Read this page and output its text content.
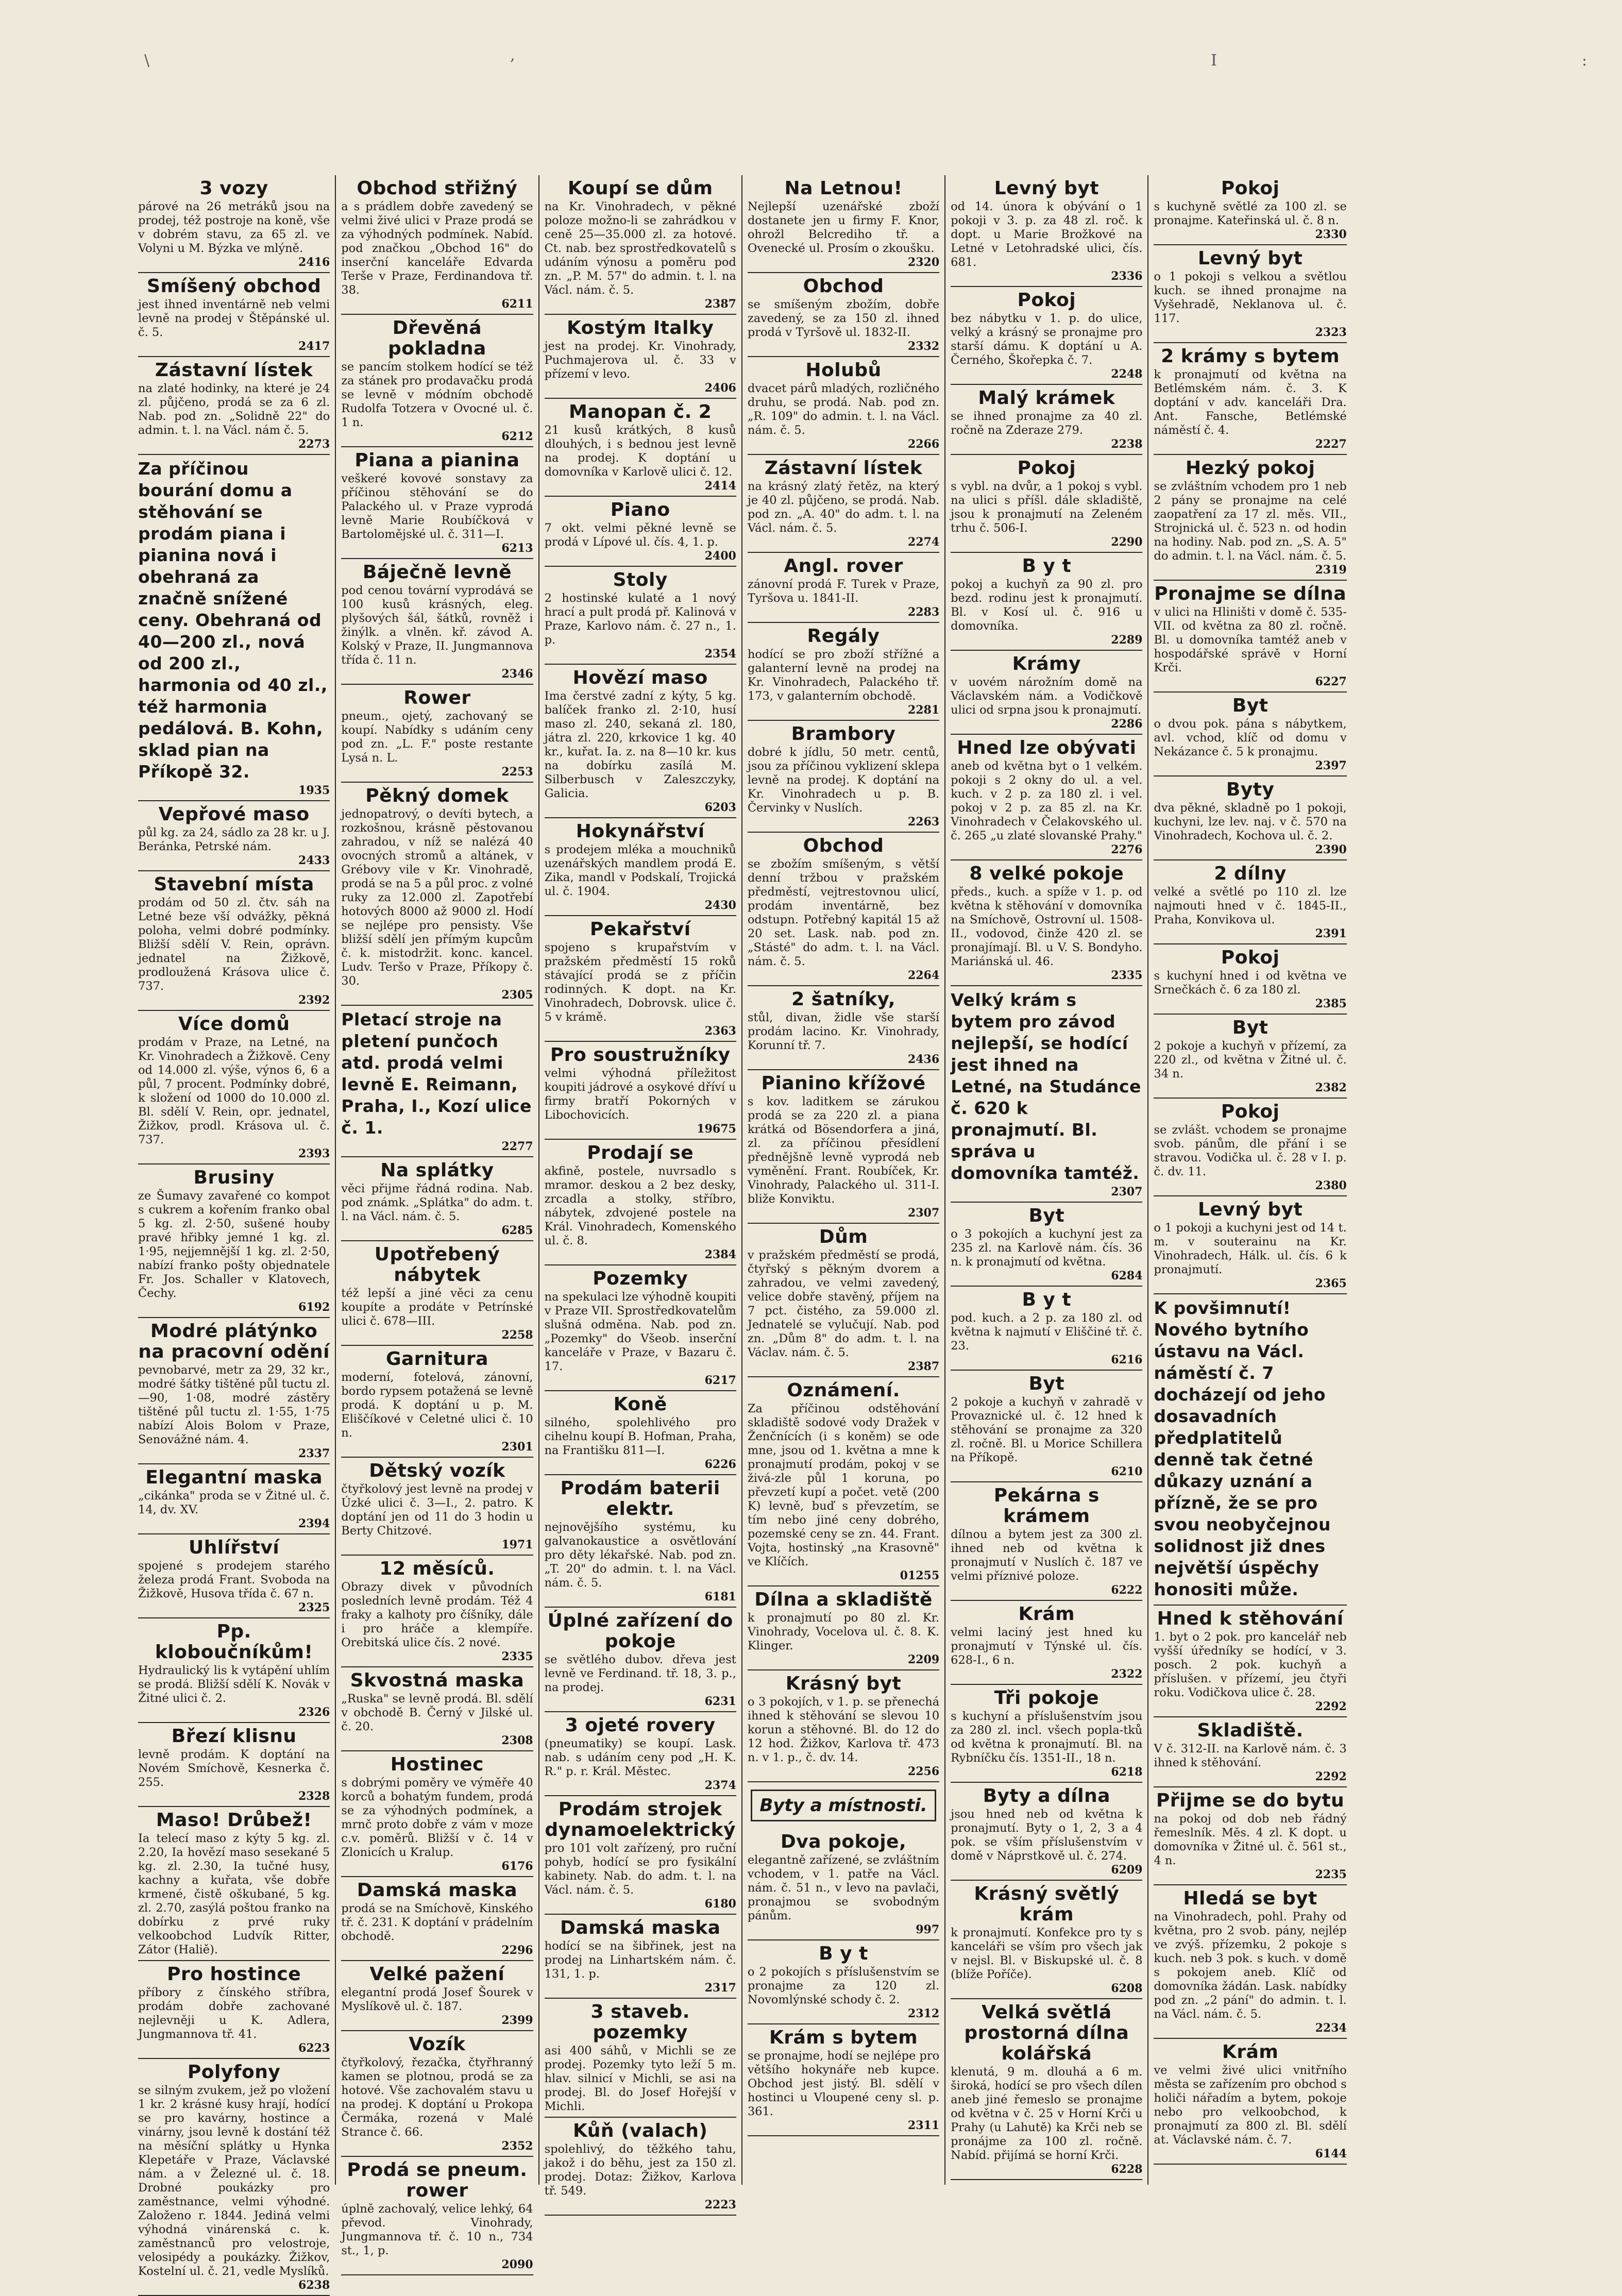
\	,	I	:
3 vozy

párové na 26 metráků jsou na prodej, též postroje na koně, vše v dobrém stavu, za 65 zl. ve Volyni u M. Býzka ve mlýně.

2416
Smíšený obchod

jest ihned inventárně neb velmi levně na prodej v Štěpánské ul. č. 5.

2417
Zástavní lístek

na zlaté hodinky, na které je 24 zl. půjčeno, prodá se za 6 zl. Nab. pod zn. „Solidně 22" do admin. t. l. na Václ. nám č. 5.

2273
Za příčinou bourání domu a stěhování se prodám piana i pianina nová i obehraná za značně snížené ceny. Obehraná od 40—200 zl., nová od 200 zl., harmonia od 40 zl., též harmonia pedálová. B. Kohn, sklad pian na Příkopě 32.
1935
Vepřové maso

půl kg. za 24, sádlo za 28 kr. u J. Beránka, Petrské nám.

2433
Stavební místa

prodám od 50 zl. čtv. sáh na Letné beze vší odvážky, pěkná poloha, velmi dobré podmínky. Bližší sdělí V. Rein, oprávn. jednatel na Žižkově, prodloužená Krásova ulice č. 737.

2392
Více domů

prodám v Praze, na Letné, na Kr. Vinohradech a Žižkově. Ceny od 14.000 zl. výše, výnos 6, 6 a půl, 7 procent. Podmínky dobré, k složení od 1000 do 10.000 zl. Bl. sdělí V. Rein, opr. jednatel, Žižkov, prodl. Krásova ul. č. 737.

2393
Brusiny

ze Šumavy zavařené co kompot s cukrem a kořením franko obal 5 kg. zl. 2·50, sušené houby pravé hřibky jemné 1 kg. zl. 1·95, nejjemnější 1 kg. zl. 2·50, nabízí franko pošty objednatele Fr. Jos. Schaller v Klatovech, Čechy.

6192
Modré plátýnko na pracovní odění

pevnobarvé, metr za 29, 32 kr., modré šátky tištěné půl tuctu zl. —90, 1·08, modré zástěry tištěné půl tuctu zl. 1·55, 1·75 nabízí Alois Bolom v Praze, Senovážné nám. 4.

2337
Elegantní maska

„cikánka" proda se v Žitné ul. č. 14, dv. XV.

2394
Uhlířství

spojené s prodejem starého železa prodá Frant. Svoboda na Žižkově, Husova třída č. 67 n.

2325
Pp. kloboučníkům!

Hydraulický lis k vytápění uhlím se prodá. Bližší sdělí K. Novák v Žitné ulici č. 2.

2326
Březí klisnu

levně prodám. K doptání na Novém Smíchově, Kesnerka č. 255.

2328
Maso! Drůbež!

Ia telecí maso z kýty 5 kg. zl. 2.20, Ia hovězí maso sesekané 5 kg. zl. 2.30, Ia tučné husy, kachny a kuřata, vše dobře krmené, čistě oškubané, 5 kg. zl. 2.70, zasýlá poštou franko na dobírku z prvé ruky velkoobchod Ludvík Ritter, Zátor (Haliě).

Pro hostince

příbory z čínského stříbra, prodám dobře zachované nejlevněji u K. Adlera, Jungmannova tř. 41.

6223
Polyfony

se silným zvukem, jež po vložení 1 kr. 2 krásné kusy hrají, hodící se pro kavárny, hostince a vinárny, jsou levně k dostání též na měsíční splátky u Hynka Klepetáře v Praze, Václavské nám. a v Železné ul. č. 18. Drobné poukázky pro zaměstnance, velmi výhodné. Založeno r. 1844. Jediná velmi výhodná vinárenská c. k. zaměstnanců pro velostroje, velosipédy a poukázky. Žižkov, Kostelní ul. č. 21, vedle Myslíků.

6238
Obchod střižný

a s prádlem dobře zavedený se velmi živé ulici v Praze prodá se za výhodných podmínek. Nabíd. pod značkou „Obchod 16" do inserční kanceláře Edvarda Terše v Praze, Ferdinandova tř. 38.

6211
Dřevěná pokladna

se pancím stolkem hodící se též za stánek pro prodavačku prodá se levně v módním obchodě Rudolfa Totzera v Ovocné ul. č. 1 n.

6212
Piana a pianina

veškeré kovové sonstavy za příčinou stěhování se do Palackého ul. v Praze vyprodá levně Marie Roubíčková v Bartolomějské ul. č. 311—I.

6213
Báječně levně

pod cenou tovární vyprodává se 100 kusů krásných, eleg. plyšových šál, šátků, rovněž i žinýlk. a vlněn. kř. závod A. Kolský v Praze, II. Jungmannova třída č. 11 n.

2346
Rower

pneum., ojetý, zachovaný se koupí. Nabídky s udáním ceny pod zn. „L. F." poste restante Lysá n. L.

2253
Pěkný domek

jednopatrový, o devíti bytech, a rozkošnou, krásně pěstovanou zahradou, v níž se nalézá 40 ovocných stromů a altánek, v Grébovy vile v Kr. Vinohradě, prodá se na 5 a půl proc. z volné ruky za 12.000 zl. Zapotřebí hotových 8000 až 9000 zl. Hodí se nejlépe pro pensisty. Vše bližší sdělí jen přímým kupcům č. k. mistodržit. konc. kancel. Ludv. Teršo v Praze, Příkopy č. 30.

2305
Pletací stroje na pletení punčoch atd. prodá velmi levně E. Reimann, Praha, I., Kozí ulice č. 1.
2277
Na splátky

věci přijme řádná rodina. Nab. pod známk. „Splátka" do adm. t. l. na Václ. nám. č. 5.

6285
Upotřebený nábytek

též lepší a jiné věci za cenu koupíte a prodáte v Petrínské ulici č. 678—III.

2258
Garnitura

moderní, fotelová, zánovní, bordo rypsem potažená se levně prodá. K doptání u p. M. Eliščíkové v Celetné ulici č. 10 n.

2301
Dětský vozík

čtyřkolový jest levně na prodej v Úzké ulici č. 3—I., 2. patro. K doptání jen od 11 do 3 hodin u Berty Chitzové.

1971
12 měsíců.

Obrazy divek v původních posledních levně prodám. Též 4 fraky a kalhoty pro číšníky, dále i pro hráče a klempíře. Orebitská ulice čís. 2 nové.

2335
Skvostná maska

„Ruska" se levně prodá. Bl. sdělí v obchodě B. Černý v Jilské ul. č. 20.

2308
Hostinec

s dobrými poměry ve výměře 40 korců a bohatým fundem, prodá se za výhodných podmínek, a mrnč proto dobře z vám v moze c.v. poměrů. Bližší v č. 14 v Zlonicích u Kralup.

6176
Damská maska

prodá se na Smíchově, Kinského tř. č. 231. K doptání v prádelním obchodě.

2296
Velké pažení

elegantní prodá Josef Šourek v Myslíkově ul. č. 187.

2399
Vozík

čtyřkolový, řezačka, čtyřhranný kamen se plotnou, prodá se za hotové. Vše zachovalém stavu u na prodej. K doptání u Prokopa Čermáka, rozená v Malé Strance č. 66.

2352
Prodá se pneum. rower

úplně zachovalý, velice lehký, 64 převod. Vinohrady, Jungmannova tř. č. 10 n., 734 st., 1, p.

2090
Koupí se dům

na Kr. Vinohradech, v pěkné poloze možno-li se zahrádkou v ceně 25—35.000 zl. za hotové. Ct. nab. bez sprostředkovatelů s udáním výnosu a poměru pod zn. „P. M. 57" do admin. t. l. na Václ. nám. č. 5.

2387
Kostým Italky

jest na prodej. Kr. Vinohrady, Puchmajerova ul. č. 33 v přízemí v levo.

2406
Manopan č. 2

21 kusů krátkých, 8 kusů dlouhých, i s bednou jest levně na prodej. K doptání u domovníka v Karlově ulici č. 12.

2414
Piano

7 okt. velmi pěkné levně se prodá v Lípové ul. čís. 4, 1. p.

2400
Stoly

2 hostinské kulaté a 1 nový hrací a pult prodá př. Kalinová v Praze, Karlovo nám. č. 27 n., 1. p.

2354
Hovězí maso

Ima čerstvé zadní z kýty, 5 kg. balíček franko zl. 2·10, husí maso zl. 240, sekaná zl. 180, játra zl. 220, krkovice 1 kg. 40 kr., kuřat. Ia. z. na 8—10 kr. kus na dobírku zasílá M. Silberbusch v Zaleszczyky, Galicia.

6203
Hokynářství

s prodejem mléka a mouchniků uzenářských mandlem prodá E. Zika, mandl v Podskalí, Trojická ul. č. 1904.

2430
Pekařství

spojeno s krupařstvím v pražském předměstí 15 roků stávající prodá se z příčin rodinných. K dopt. na Kr. Vinohradech, Dobrovsk. ulice č. 5 v krámě.

2363
Pro soustružníky

velmi výhodná příležitost koupiti jádrové a osykové dříví u firmy bratří Pokorných v Libochovicích.

19675
Prodají se

akfině, postele, nuvrsadlo s mramor. deskou a 2 bez desky, zrcadla a stolky, stříbro, nábytek, zdvojené postele na Král. Vinohradech, Komenského ul. č. 8.

2384
Pozemky

na spekulaci lze výhodně koupiti v Praze VII. Sprostředkovatelům slušná odměna. Nab. pod zn. „Pozemky" do Všeob. inserční kanceláře v Praze, v Bazaru č. 17.

6217
Koně

silného, spolehlivého pro cihelnu koupí B. Hofman, Praha, na Františku 811—I.

6226
Prodám baterii elektr.

nejnovějšího systému, ku galvanokaustice a osvětlování pro děty lékařské. Nab. pod zn. „T. 20" do admin. t. l. na Václ. nám. č. 5.

6181
Úplné zařízení do pokoje

se světlého dubov. dřeva jest levně ve Ferdinand. tř. 18, 3. p., na prodej.

6231
3 ojeté rovery

(pneumatiky) se koupí. Lask. nab. s udáním ceny pod „H. K. R." p. r. Král. Městec.

2374
Prodám strojek dynamoelektrický

pro 101 volt zařízený, pro ruční pohyb, hodící se pro fysikální kabinety. Nab. do adm. t. l. na Václ. nám. č. 5.

6180
Damská maska

hodící se na šibřinek, jest na prodej na Linhartském nám. č. 131, 1. p.

2317
3 staveb. pozemky

asi 400 sáhů, v Michli se ze prodej. Pozemky tyto leží 5 m. hlav. silnicí v Michli, se asi na prodej. Bl. do Josef Hořejší v Michli.

Kůň (valach)

spolehlivý, do těžkého tahu, jakož i do běhu, jest za 150 zl. prodej. Dotaz: Žižkov, Karlova tř. 549.

2223
Na Letnou!

Nejlepší uzenářské zboží dostanete jen u firmy F. Knor, ohrožl Belcrediho tř. a Ovenecké ul. Prosím o zkoušku.

2320
Obchod

se smíšeným zbožím, dobře zavedený, se za 150 zl. ihned prodá v Tyršově ul. 1832-II.

2332
Holubů

dvacet párů mladých, rozličného druhu, se prodá. Nab. pod zn. „R. 109" do admin. t. l. na Václ. nám. č. 5.

2266
Zástavní lístek

na krásný zlatý řetěz, na který je 40 zl. půjčeno, se prodá. Nab. pod zn. „A. 40" do adm. t. l. na Václ. nám. č. 5.

2274
Angl. rover

zánovní prodá F. Turek v Praze, Tyršova u. 1841-II.

2283
Regály

hodící se pro zboží střížné a galanterní levně na prodej na Kr. Vinohradech, Palackého tř. 173, v galanterním obchodě.

2281
Brambory

dobré k jídlu, 50 metr. centů, jsou za příčinou vyklizení sklepa levně na prodej. K doptání na Kr. Vinohradech u p. B. Červinky v Nuslích.

2263
Obchod

se zbožím smíšeným, s větší denní tržbou v pražském předměstí, vejtrestovnou ulicí, prodám inventárně, bez odstupn. Potřebný kapitál 15 až 20 set. Lask. nab. pod zn. „Stásté" do adm. t. l. na Václ. nám. č. 5.

2264
2 šatníky,

stůl, divan, židle vše starší prodám lacino. Kr. Vinohrady, Korunní tř. 7.

2436
Pianino křížové

s kov. laditkem se zárukou prodá se za 220 zl. a piana krátká od Bösendorfera a jiná, zl. za příčinou přesídlení přednějšně levně vyprodá neb vyměnění. Frant. Roubíček, Kr. Vinohrady, Palackého ul. 311-I. bliže Konviktu.

2307
Dům

v pražském předměstí se prodá, čtyřský s pěkným dvorem a zahradou, ve velmi zavedený, velice dobře stavěný, příjem na 7 pct. čistého, za 59.000 zl. Jednatelé se vylučují. Nab. pod zn. „Dům 8" do adm. t. l. na Václav. nám. č. 5.

2387
Oznámení.

Za příčinou odstěhování skladiště sodové vody Dražek v Ženčnících (i s koněm) se ode mne, jsou od 1. května a mne k pronajmutí prodám, pokoj v se živá-zle půl 1 koruna, po převzetí kupí a počet. vetě (200 K) levně, buď s převzetím, se tím nebo jiné ceny dobrého, pozemské ceny se zn. 44. Frant. Vojta, hostinský „na Krasovně" ve Klíčích.

01255
Dílna a skladiště

k pronajmutí po 80 zl. Kr. Vinohrady, Vocelova ul. č. 8. K. Klinger.

2209
Krásný byt

o 3 pokojích, v 1. p. se přenechá ihned k stěhování se slevou 10 korun a stěhovné. Bl. do 12 do 12 hod. Žižkov, Karlova tř. 473 n. v 1. p., č. dv. 14.

2256
Byty a místnosti.
Dva pokoje,

elegantně zařízené, se zvláštním vchodem, v 1. patře na Václ. nám. č. 51 n., v levo na pavlači, pronajmou se svobodným pánům.

997
B y t

o 2 pokojích s příslušenstvím se pronajme za 120 zl. Novomlýnské schody č. 2.

2312
Krám s bytem

se pronajme, hodí se nejlépe pro většího hokynáře neb kupce. Obchod jest jistý. Bl. sdělí v hostinci u Vloupené ceny sl. p. 361.

2311
Levný byt

od 14. února k obývání o 1 pokoji v 3. p. za 48 zl. roč. k dopt. u Marie Brožkové na Letné v Letohradské ulici, čís. 681.

2336
Pokoj

bez nábytku v 1. p. do ulice, velký a krásný se pronajme pro starší dámu. K doptání u A. Černého, Škořepka č. 7.

2248
Malý krámek

se ihned pronajme za 40 zl. ročně na Zderaze 279.

2238
Pokoj

s vybl. na dvůr, a 1 pokoj s vybl. na ulici s příšl. dále skladiště, jsou k pronajmutí na Zeleném trhu č. 506-I.

2290
B y t

pokoj a kuchyň za 90 zl. pro bezd. rodinu jest k pronajmutí. Bl. v Kosí ul. č. 916 u domovníka.

2289
Krámy

v uovém nárožním domě na Václavském nám. a Vodičkově ulici od srpna jsou k pronajmutí.

2286
Hned lze obývati

aneb od května byt o 1 velkém. pokoji s 2 okny do ul. a vel. kuch. v 2 p. za 180 zl. i vel. pokoj v 2 p. za 85 zl. na Kr. Vinohradech v Čelakovského ul. č. 265 „u zlaté slovanské Prahy."

2276
8 velké pokoje

předs., kuch. a spíže v 1. p. od května k stěhování v domovníka na Smíchově, Ostrovní ul. 1508-II., vodovod, činže 420 zl. se pronajímají. Bl. u V. S. Bondyho. Mariánská ul. 46.

2335
Velký krám s bytem pro závod nejlepší, se hodící jest ihned na Letné, na Studánce č. 620 k pronajmutí. Bl. správa u domovníka tamtéž.
2307
Byt

o 3 pokojích a kuchyní jest za 235 zl. na Karlově nám. čís. 36 n. k pronajmutí od května.

6284
B y t

pod. kuch. a 2 p. za 180 zl. od května k najmutí v Eliščiné tř. č. 23.

6216
Byt

2 pokoje a kuchyň v zahradě v Provaznické ul. č. 12 hned k stěhování se pronajme za 320 zl. ročně. Bl. u Morice Schillera na Příkopě.

6210
Pekárna s krámem

dílnou a bytem jest za 300 zl. ihned neb od května k pronajmutí v Nuslích č. 187 ve velmi příznivé poloze.

6222
Krám

velmi laciný jest hned ku pronajmutí v Týnské ul. čís. 628-I., 6 n.

2322
Tři pokoje

s kuchyní a příslušenstvím jsou za 280 zl. incl. všech popla-tků od května k pronajmutí. Bl. na Rybníčku čís. 1351-II., 18 n.

6218
Byty a dílna

jsou hned neb od května k pronajmutí. Byty o 1, 2, 3 a 4 pok. se vším příslušenstvím v domě v Náprstkově ul. č. 274.

6209
Krásný světlý krám

k pronajmutí. Konfekce pro ty s kanceláři se vším pro všech jak v nejsl. Bl. v Biskupské ul. č. 8 (blíže Poříče).

6208
Velká světlá prostorná dílna kolářská

klenutá, 9 m. dlouhá a 6 m. široká, hodící se pro všech dílen aneb jiné řemeslo se pronajme od května v č. 25 v Horní Krči u Prahy (u Lahutě) ka Krči neb se pronájme za 100 zl. ročně. Nabíd. přijímá se horní Krči.

6228
Pokoj

s kuchyně světlé za 100 zl. se pronajme. Kateřinská ul. č. 8 n.

2330
Levný byt

o 1 pokoji s velkou a světlou kuch. se ihned pronajme na Vyšehradě, Neklanova ul. č. 117.

2323
2 krámy s bytem

k pronajmutí od května na Betlémském nám. č. 3. K doptání v adv. kanceláři Dra. Ant. Fansche, Betlémské náměstí č. 4.

2227
Hezký pokoj

se zvláštním vchodem pro 1 neb 2 pány se pronajme na celé zaopatření za 17 zl. měs. VII., Strojnická ul. č. 523 n. od hodin na hodiny. Nab. pod zn. „S. A. 5" do admin. t. l. na Václ. nám. č. 5.

2319
Pronajme se dílna

v ulici na Hliništi v domě č. 535-VII. od května za 80 zl. ročně. Bl. u domovníka tamtéž aneb v hospodářské správě v Horní Krči.

6227
Byt

o dvou pok. pána s nábytkem, avl. vchod, klíč od domu v Nekázance č. 5 k pronajmu.

2397
Byty

dva pěkné, skladně po 1 pokoji, kuchyni, lze lev. naj. v č. 570 na Vinohradech, Kochova ul. č. 2.

2390
2 dílny

velké a světlé po 110 zl. lze najmouti hned v č. 1845-II., Praha, Konvikova ul.

2391
Pokoj

s kuchyní hned i od května ve Srnečkách č. 6 za 180 zl.

2385
Byt

2 pokoje a kuchyň v přízemí, za 220 zl., od května v Žitné ul. č. 34 n.

2382
Pokoj

se zvlášt. vchodem se pronajme svob. pánům, dle přání i se stravou. Vodička ul. č. 28 v I. p. č. dv. 11.

2380
Levný byt

o 1 pokoji a kuchyni jest od 14 t. m. v souterainu na Kr. Vinohradech, Hálk. ul. čís. 6 k pronajmutí.

2365
K povšimnutí! Nového bytního ústavu na Václ. náměstí č. 7 docházejí od jeho dosavadních předplatitelů denně tak četné důkazy uznání a přízně, že se pro svou neobyčejnou solidnost již dnes největší úspěchy honositi může.
Hned k stěhování

1. byt o 2 pok. pro kancelář neb vyšší úředníky se hodící, v 3. posch. 2 pok. kuchyň a příslušen. v přízemí, jeu čtyři roku. Vodičkova ulice č. 28.

2292
Skladiště.

V č. 312-II. na Karlově nám. č. 3 ihned k stěhování.

2292
Přijme se do bytu

na pokoj od dob neb řádný řemeslník. Měs. 4 zl. K dopt. u domovníka v Žitné ul. č. 561 st., 4 n.

2235
Hledá se byt

na Vinohradech, pohl. Prahy od května, pro 2 svob. pány, nejlép ve zvýš. přízemku, 2 pokoje s kuch. neb 3 pok. s kuch. v domě s pokojem aneb. Klíč od domovníka žádán. Lask. nabídky pod zn. „2 pání" do admin. t. l. na Václ. nám. č. 5.

2234
Krám

ve velmi živé ulici vnitřního města se zařízením pro obchod s holiči nářadím a bytem, pokoje nebo pro velkoobchod, k pronajmutí za 800 zl. Bl. sdělí at. Václavské nám. č. 7.

6144
